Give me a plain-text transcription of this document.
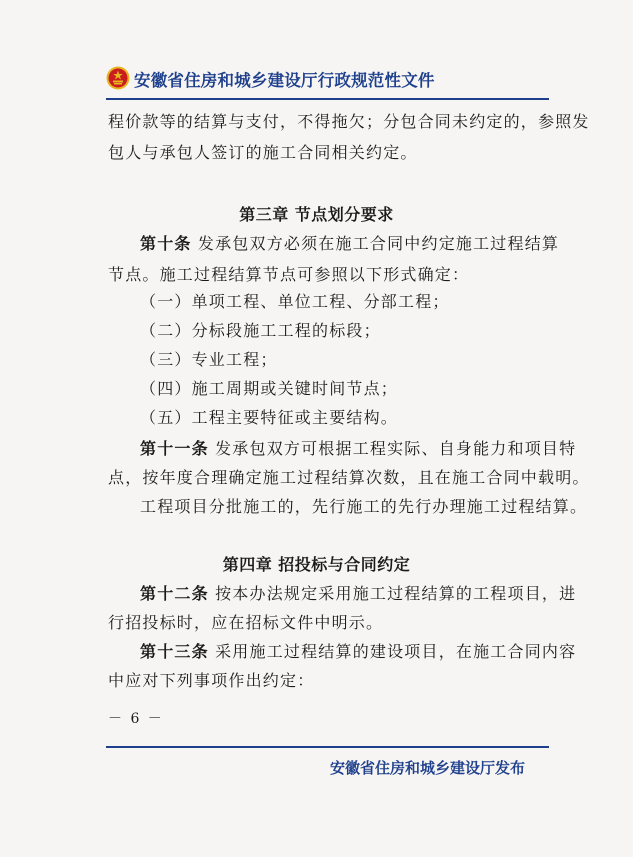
安徽省住房和城乡建设厅行政规范性文件
程价款等的结算与支付，不得拖欠；分包合同未约定的，参照发
包人与承包人签订的施工合同相关约定。
第三章 节点划分要求
第十条 发承包双方必须在施工合同中约定施工过程结算
节点。施工过程结算节点可参照以下形式确定：
（一）单项工程、单位工程、分部工程；
（二）分标段施工工程的标段；
（三）专业工程；
（四）施工周期或关键时间节点；
（五）工程主要特征或主要结构。
第十一条 发承包双方可根据工程实际、自身能力和项目特
点，按年度合理确定施工过程结算次数，且在施工合同中载明。
工程项目分批施工的，先行施工的先行办理施工过程结算。
第四章 招投标与合同约定
第十二条 按本办法规定采用施工过程结算的工程项目，进
行招投标时，应在招标文件中明示。
第十三条 采用施工过程结算的建设项目，在施工合同内容
中应对下列事项作出约定：
－ 6 －
安徽省住房和城乡建设厅发布
